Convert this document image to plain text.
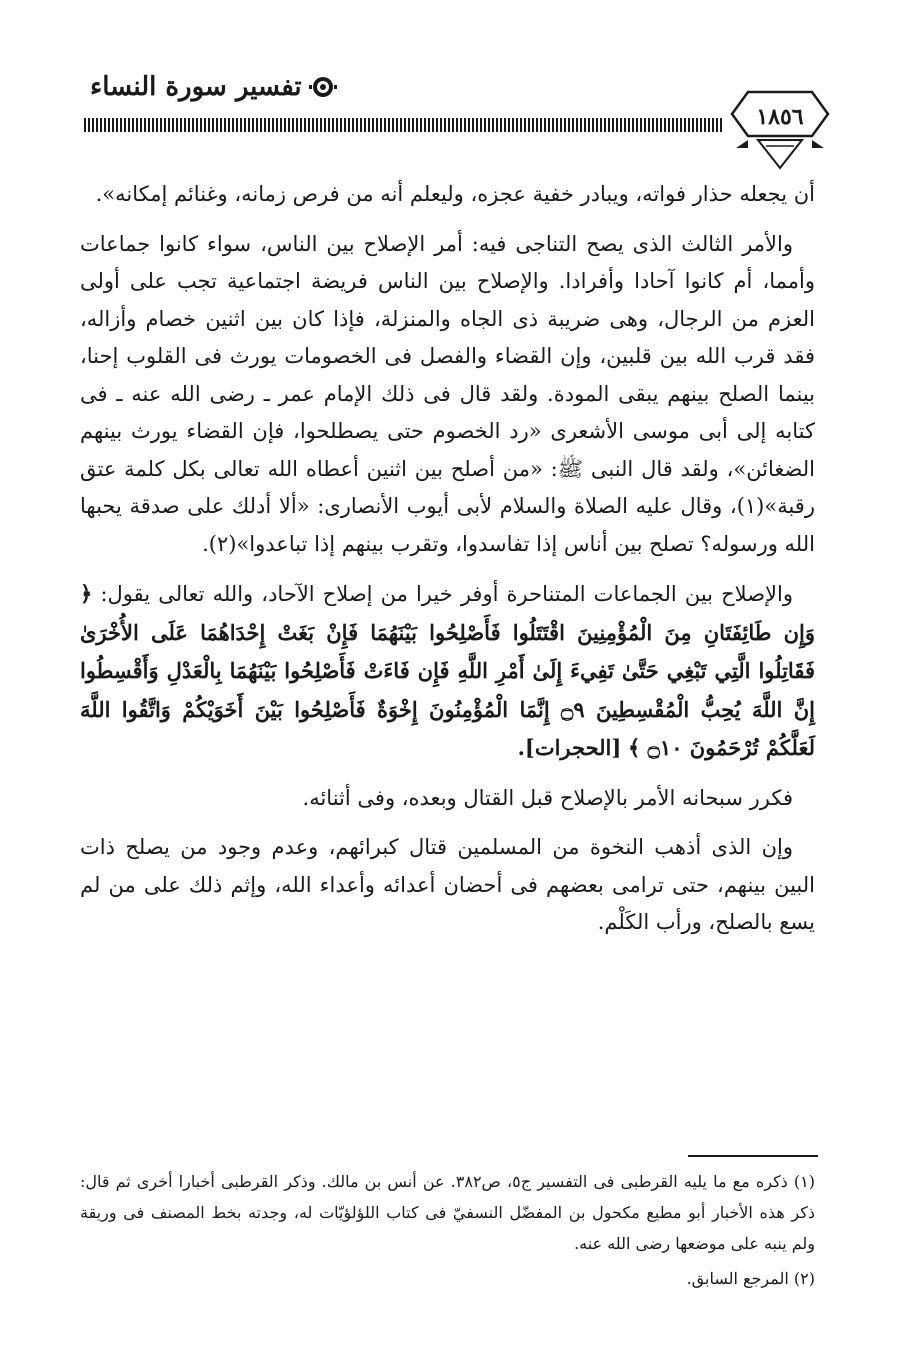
تفسير سورة النساء
١٨٥٦

أن يجعله حذار فواته، ويبادر خفية عجزه، وليعلم أنه من فرص زمانه، وغنائم إمكانه».

والأمر الثالث الذى يصح التناجى فيه: أمر الإصلاح بين الناس، سواء كانوا جماعات وأمما، أم كانوا آحادا وأفرادا. والإصلاح بين الناس فريضة اجتماعية تجب على أولى العزم من الرجال، وهى ضريبة ذى الجاه والمنزلة، فإذا كان بين اثنين خصام وأزاله، فقد قرب الله بين قلبين، وإن القضاء والفصل فى الخصومات يورث فى القلوب إحنا، بينما الصلح بينهم يبقى المودة. ولقد قال فى ذلك الإمام عمر ـ رضى الله عنه ـ فى كتابه إلى أبى موسى الأشعرى «رد الخصوم حتى يصطلحوا، فإن القضاء يورث بينهم الضغائن»، ولقد قال النبى ﷺ: «من أصلح بين اثنين أعطاه الله تعالى بكل كلمة عتق رقبة»(١)، وقال عليه الصلاة والسلام لأبى أيوب الأنصارى: «ألا أدلك على صدقة يحبها الله ورسوله؟ تصلح بين أناس إذا تفاسدوا، وتقرب بينهم إذا تباعدوا»(٢).

والإصلاح بين الجماعات المتناحرة أوفر خيرا من إصلاح الآحاد، والله تعالى يقول: ﴿ وَإِن طَائِفَتَانِ مِنَ الْمُؤْمِنِينَ اقْتَتَلُوا فَأَصْلِحُوا بَيْنَهُمَا فَإِنْ بَغَتْ إِحْدَاهُمَا عَلَى الأُخْرَىٰ فَقَاتِلُوا الَّتِي تَبْغِي حَتَّىٰ تَفِيءَ إِلَىٰ أَمْرِ اللَّهِ فَإِن فَاءَتْ فَأَصْلِحُوا بَيْنَهُمَا بِالْعَدْلِ وَأَقْسِطُوا إِنَّ اللَّهَ يُحِبُّ الْمُقْسِطِينَ ۝٩ إِنَّمَا الْمُؤْمِنُونَ إِخْوَةٌ فَأَصْلِحُوا بَيْنَ أَخَوَيْكُمْ وَاتَّقُوا اللَّهَ لَعَلَّكُمْ تُرْحَمُونَ ۝١٠ ﴾ [الحجرات].

فكرر سبحانه الأمر بالإصلاح قبل القتال وبعده، وفى أثنائه.

وإن الذى أذهب النخوة من المسلمين قتال كبرائهم، وعدم وجود من يصلح ذات البين بينهم، حتى ترامى بعضهم فى أحضان أعدائه وأعداء الله، وإثم ذلك على من لم يسع بالصلح، ورأب الكَلْم.

(١) ذكره مع ما يليه القرطبى فى التفسير ج٥، ص٣٨٢. عن أنس بن مالك. وذكر القرطبى أخبارا أخرى ثم قال: ذكر هذه الأخبار أبو مطيع مكحول بن المفضّل النسفيّ فى كتاب اللؤلؤيّات له، وجدته بخط المصنف فى وريقة ولم ينبه على موضعها رضى الله عنه.

(٢) المرجع السابق.
